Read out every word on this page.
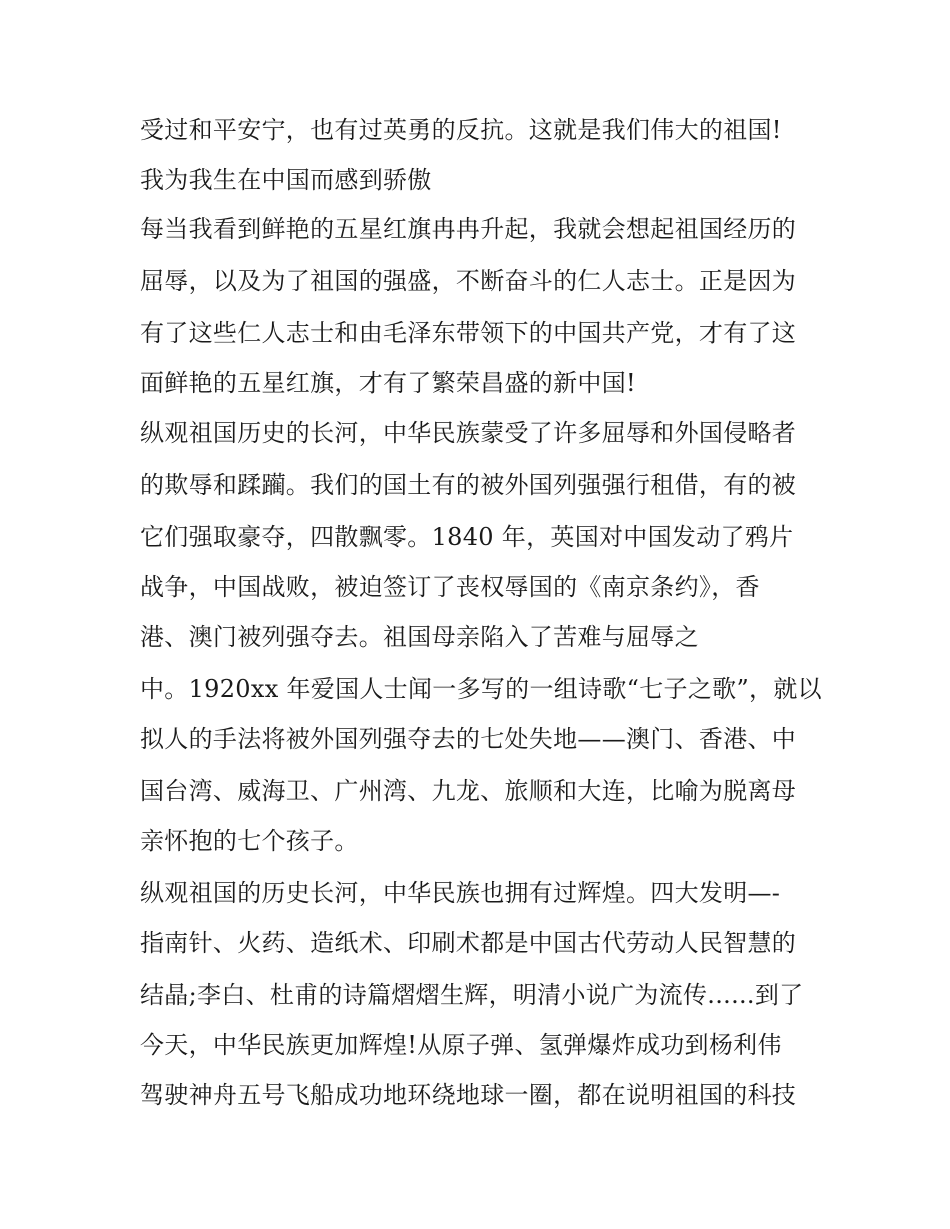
受过和平安宁，也有过英勇的反抗。这就是我们伟大的祖国!
我为我生在中国而感到骄傲
每当我看到鲜艳的五星红旗冉冉升起，我就会想起祖国经历的
屈辱，以及为了祖国的强盛，不断奋斗的仁人志士。正是因为
有了这些仁人志士和由毛泽东带领下的中国共产党，才有了这
面鲜艳的五星红旗，才有了繁荣昌盛的新中国!
纵观祖国历史的长河，中华民族蒙受了许多屈辱和外国侵略者
的欺辱和蹂躏。我们的国土有的被外国列强强行租借，有的被
它们强取豪夺，四散飘零。1840 年，英国对中国发动了鸦片
战争，中国战败，被迫签订了丧权辱国的《南京条约》，香
港、澳门被列强夺去。祖国母亲陷入了苦难与屈辱之
中。1920xx 年爱国人士闻一多写的一组诗歌“七子之歌”，就以
拟人的手法将被外国列强夺去的七处失地——澳门、香港、中
国台湾、威海卫、广州湾、九龙、旅顺和大连，比喻为脱离母
亲怀抱的七个孩子。
纵观祖国的历史长河，中华民族也拥有过辉煌。四大发明—-
指南针、火药、造纸术、印刷术都是中国古代劳动人民智慧的
结晶;李白、杜甫的诗篇熠熠生辉，明清小说广为流传......到了
今天，中华民族更加辉煌!从原子弹、氢弹爆炸成功到杨利伟
驾驶神舟五号飞船成功地环绕地球一圈，都在说明祖国的科技
